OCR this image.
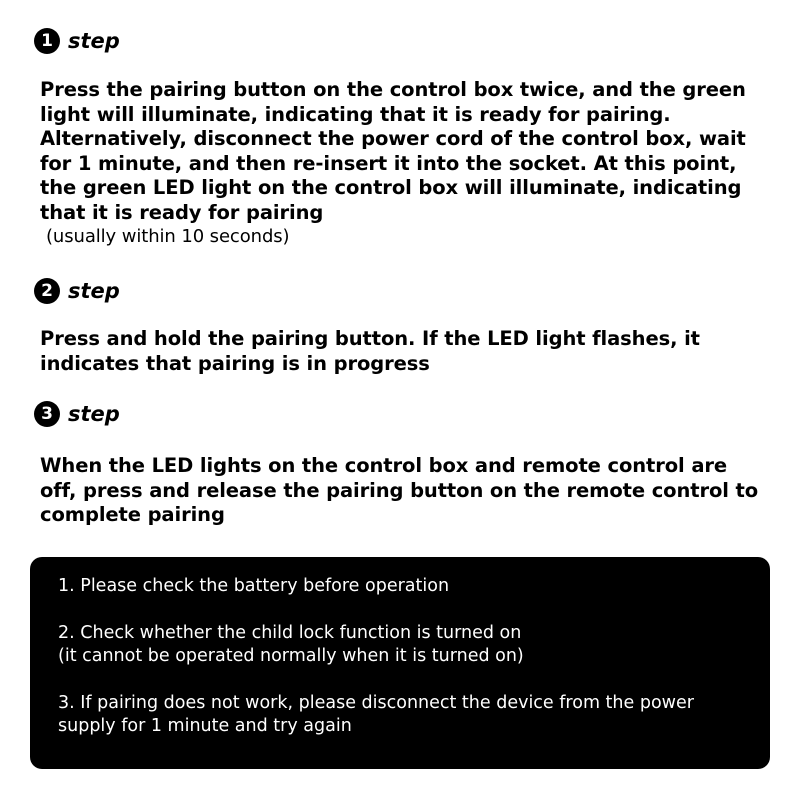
1 step
Press the pairing button on the control box twice, and the green light will illuminate, indicating that it is ready for pairing. Alternatively, disconnect the power cord of the control box, wait for 1 minute, and then re-insert it into the socket. At this point, the green LED light on the control box will illuminate, indicating that it is ready for pairing
(usually within 10 seconds)
2 step
Press and hold the pairing button. If the LED light flashes, it indicates that pairing is in progress
3 step
When the LED lights on the control box and remote control are off, press and release the pairing button on the remote control to complete pairing
1. Please check the battery before operation
2. Check whether the child lock function is turned on
(it cannot be operated normally when it is turned on)
3. If pairing does not work, please disconnect the device from the power supply for 1 minute and try again
